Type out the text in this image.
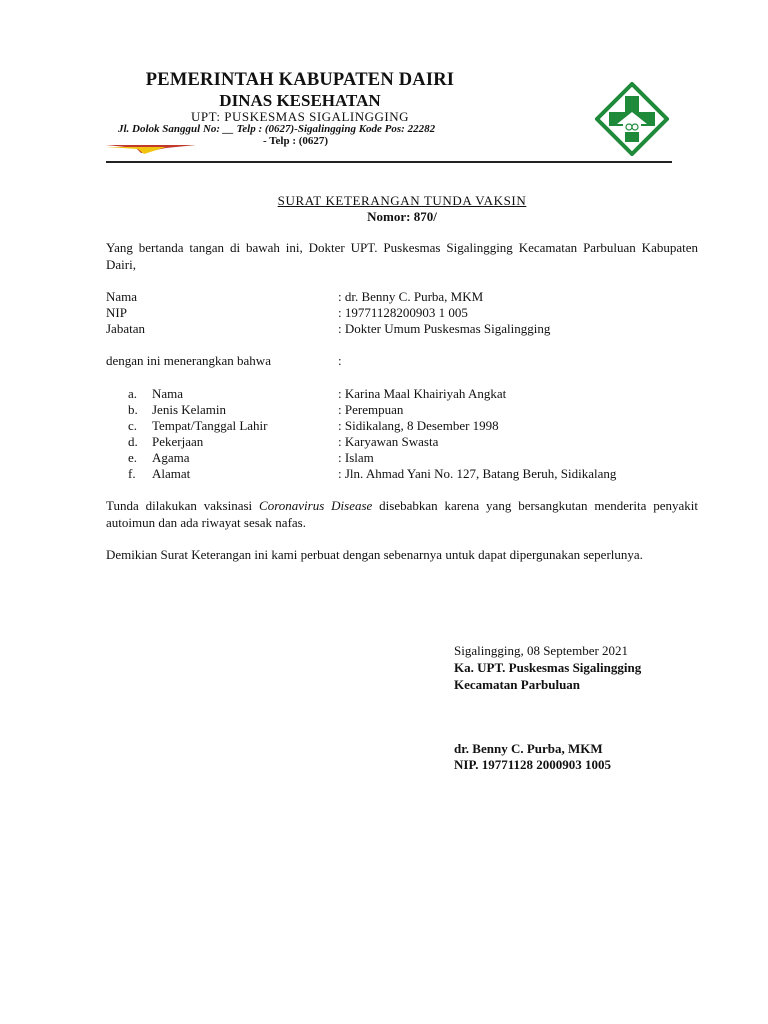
PEMERINTAH KABUPATEN DAIRI
DINAS KESEHATAN
UPT: PUSKESMAS SIGALINGGING
Jl. Dolok Sanggul No: __ Telp : (0627)-Sigalingging Kode Pos: 22282
- Telp : (0627)
SURAT KETERANGAN TUNDA VAKSIN
Nomor: 870/
Yang bertanda tangan di bawah ini, Dokter UPT. Puskesmas Sigalingging Kecamatan Parbuluan Kabupaten Dairi,
Nama	: dr. Benny C. Purba, MKM
NIP	: 19771128200903 1 005
Jabatan	: Dokter Umum Puskesmas Sigalingging
dengan ini menerangkan bahwa	:
a. Nama	: Karina Maal Khairiyah Angkat
b. Jenis Kelamin	: Perempuan
c. Tempat/Tanggal Lahir	: Sidikalang, 8 Desember 1998
d. Pekerjaan	: Karyawan Swasta
e. Agama	: Islam
f. Alamat	: Jln. Ahmad Yani No. 127, Batang Beruh, Sidikalang
Tunda dilakukan vaksinasi Coronavirus Disease disebabkan karena yang bersangkutan menderita penyakit autoimun dan ada riwayat sesak nafas.
Demikian Surat Keterangan ini kami perbuat dengan sebenarnya untuk dapat dipergunakan seperlunya.
Sigalingging, 08 September 2021
Ka. UPT. Puskesmas Sigalingging
Kecamatan Parbuluan
dr. Benny C. Purba, MKM
NIP. 19771128 2000903 1005
